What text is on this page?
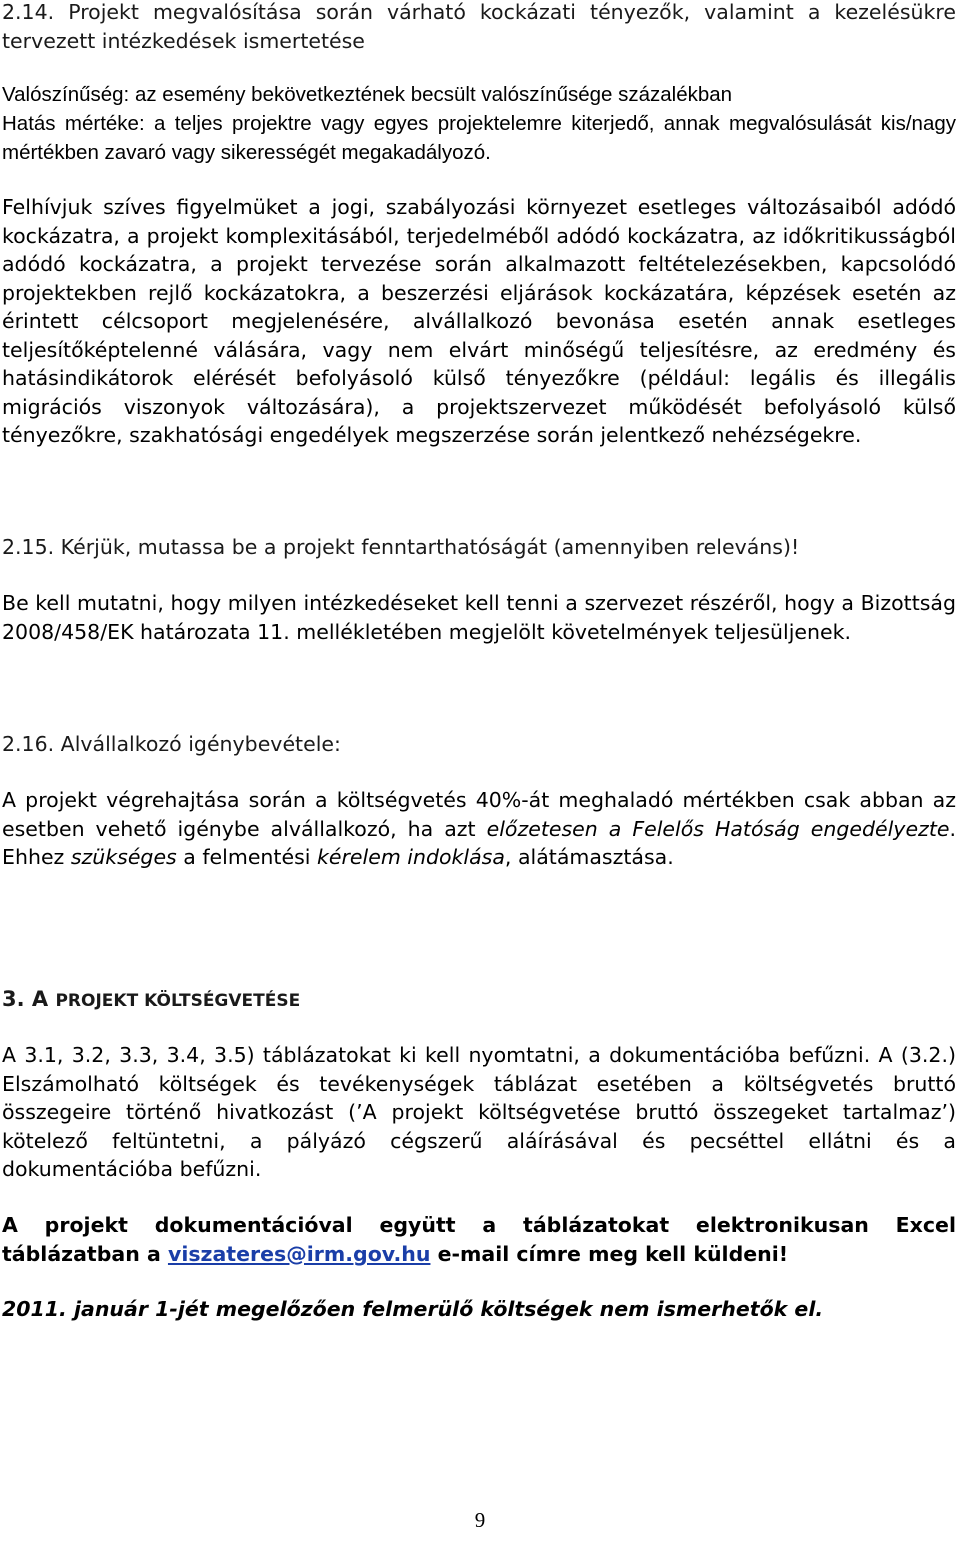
2.14. Projekt megvalósítása során várható kockázati tényezők, valamint a kezelésükre tervezett intézkedések ismertetése

Valószínűség: az esemény bekövetkeztének becsült valószínűsége százalékban

Hatás mértéke: a teljes projektre vagy egyes projektelemre kiterjedő, annak megvalósulását kis/nagy mértékben zavaró vagy sikerességét megakadályozó.

Felhívjuk szíves figyelmüket a jogi, szabályozási környezet esetleges változásaiból adódó kockázatra, a projekt komplexitásából, terjedelméből adódó kockázatra, az időkritikusságból adódó kockázatra, a projekt tervezése során alkalmazott feltételezésekben, kapcsolódó projektekben rejlő kockázatokra, a beszerzési eljárások kockázatára, képzések esetén az érintett célcsoport megjelenésére, alvállalkozó bevonása esetén annak esetleges teljesítőképtelenné válására, vagy nem elvárt minőségű teljesítésre, az eredmény és hatásindikátorok elérését befolyásoló külső tényezőkre (például: legális és illegális migrációs viszonyok változására), a projektszervezet működését befolyásoló külső tényezőkre, szakhatósági engedélyek megszerzése során jelentkező nehézségekre.

2.15. Kérjük, mutassa be a projekt fenntarthatóságát (amennyiben releváns)!

Be kell mutatni, hogy milyen intézkedéseket kell tenni a szervezet részéről, hogy a Bizottság 2008/458/EK határozata 11. mellékletében megjelölt követelmények teljesüljenek.

2.16. Alvállalkozó igénybevétele:

A projekt végrehajtása során a költségvetés 40%-át meghaladó mértékben csak abban az esetben vehető igénybe alvállalkozó, ha azt előzetesen a Felelős Hatóság engedélyezte. Ehhez szükséges a felmentési kérelem indoklása, alátámasztása.

3. A PROJEKT KÖLTSÉGVETÉSE

A 3.1, 3.2, 3.3, 3.4, 3.5) táblázatokat ki kell nyomtatni, a dokumentációba befűzni. A (3.2.) Elszámolható költségek és tevékenységek táblázat esetében a költségvetés bruttó összegeire történő hivatkozást (’A projekt költségvetése bruttó összegeket tartalmaz’) kötelező feltüntetni, a pályázó cégszerű aláírásával és pecséttel ellátni és a dokumentációba befűzni.

A projekt dokumentációval együtt a táblázatokat elektronikusan Excel táblázatban a viszateres@irm.gov.hu e-mail címre meg kell küldeni!

2011. január 1-jét megelőzően felmerülő költségek nem ismerhetők el.

9
